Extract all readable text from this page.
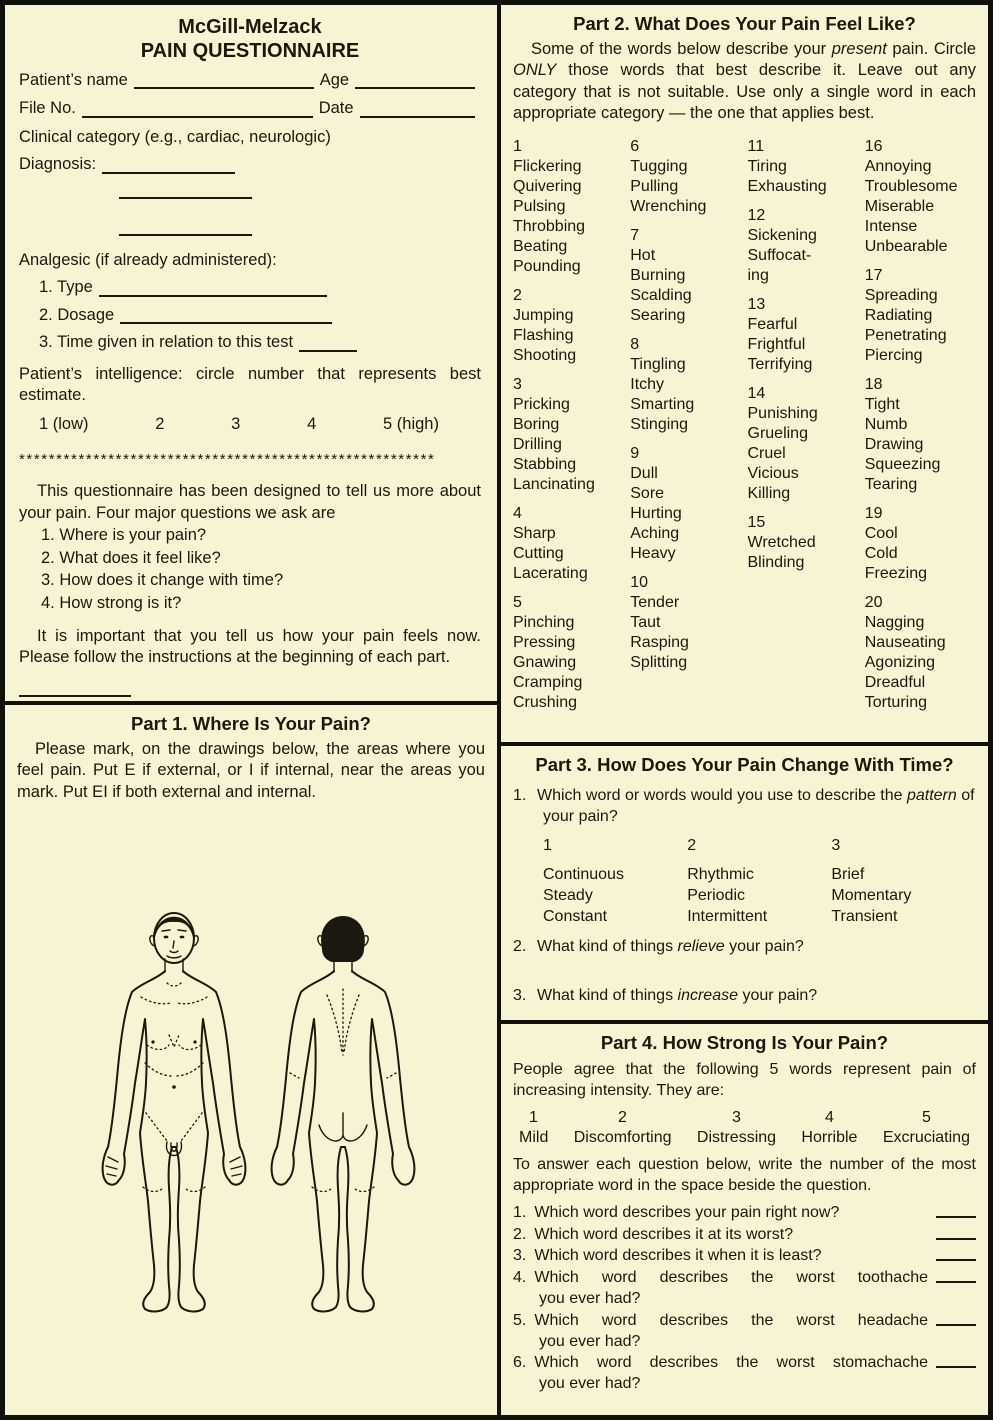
McGill-Melzack
PAIN QUESTIONNAIRE
Patient’s name	Age
File No.	Date
Clinical category (e.g., cardiac, neurologic)
Diagnosis:
Analgesic (if already administered):
1. Type
2. Dosage
3. Time given in relation to this test
Patient’s intelligence: circle number that represents best estimate.
1 (low)	2	3	4	5 (high)
********************************************************
This questionnaire has been designed to tell us more about your pain. Four major questions we ask are
1. Where is your pain?
2. What does it feel like?
3. How does it change with time?
4. How strong is it?
It is important that you tell us how your pain feels now. Please follow the instructions at the beginning of each part.
Part 1. Where Is Your Pain?
Please mark, on the drawings below, the areas where you feel pain. Put E if external, or I if internal, near the areas you mark. Put EI if both external and internal.
Part 2. What Does Your Pain Feel Like?
Some of the words below describe your present pain. Circle ONLY those words that best describe it. Leave out any category that is not suitable. Use only a single word in each appropriate category — the one that applies best.
1
Flickering
Quivering
Pulsing
Throbbing
Beating
Pounding
2
Jumping
Flashing
Shooting
3
Pricking
Boring
Drilling
Stabbing
Lancinating
4
Sharp
Cutting
Lacerating
5
Pinching
Pressing
Gnawing
Cramping
Crushing
6
Tugging
Pulling
Wrenching
7
Hot
Burning
Scalding
Searing
8
Tingling
Itchy
Smarting
Stinging
9
Dull
Sore
Hurting
Aching
Heavy
10
Tender
Taut
Rasping
Splitting
11
Tiring
Exhausting
12
Sickening
Suffocat-
ing
13
Fearful
Frightful
Terrifying
14
Punishing
Grueling
Cruel
Vicious
Killing
15
Wretched
Blinding
16
Annoying
Troublesome
Miserable
Intense
Unbearable
17
Spreading
Radiating
Penetrating
Piercing
18
Tight
Numb
Drawing
Squeezing
Tearing
19
Cool
Cold
Freezing
20
Nagging
Nauseating
Agonizing
Dreadful
Torturing
Part 3. How Does Your Pain Change With Time?
1. Which word or words would you use to describe the pattern of your pain?
1
Continuous
Steady
Constant
2
Rhythmic
Periodic
Intermittent
3
Brief
Momentary
Transient
2. What kind of things relieve your pain?
3. What kind of things increase your pain?
Part 4. How Strong Is Your Pain?
People agree that the following 5 words represent pain of increasing intensity. They are:
1	2	3	4	5
Mild Discomforting Distressing Horrible Excruciating
To answer each question below, write the number of the most appropriate word in the space beside the question.
1. Which word describes your pain right now?
2. Which word describes it at its worst?
3. Which word describes it when it is least?
4. Which word describes the worst toothache
you ever had?
5. Which word describes the worst headache
you ever had?
6. Which word describes the worst stomachache
you ever had?
